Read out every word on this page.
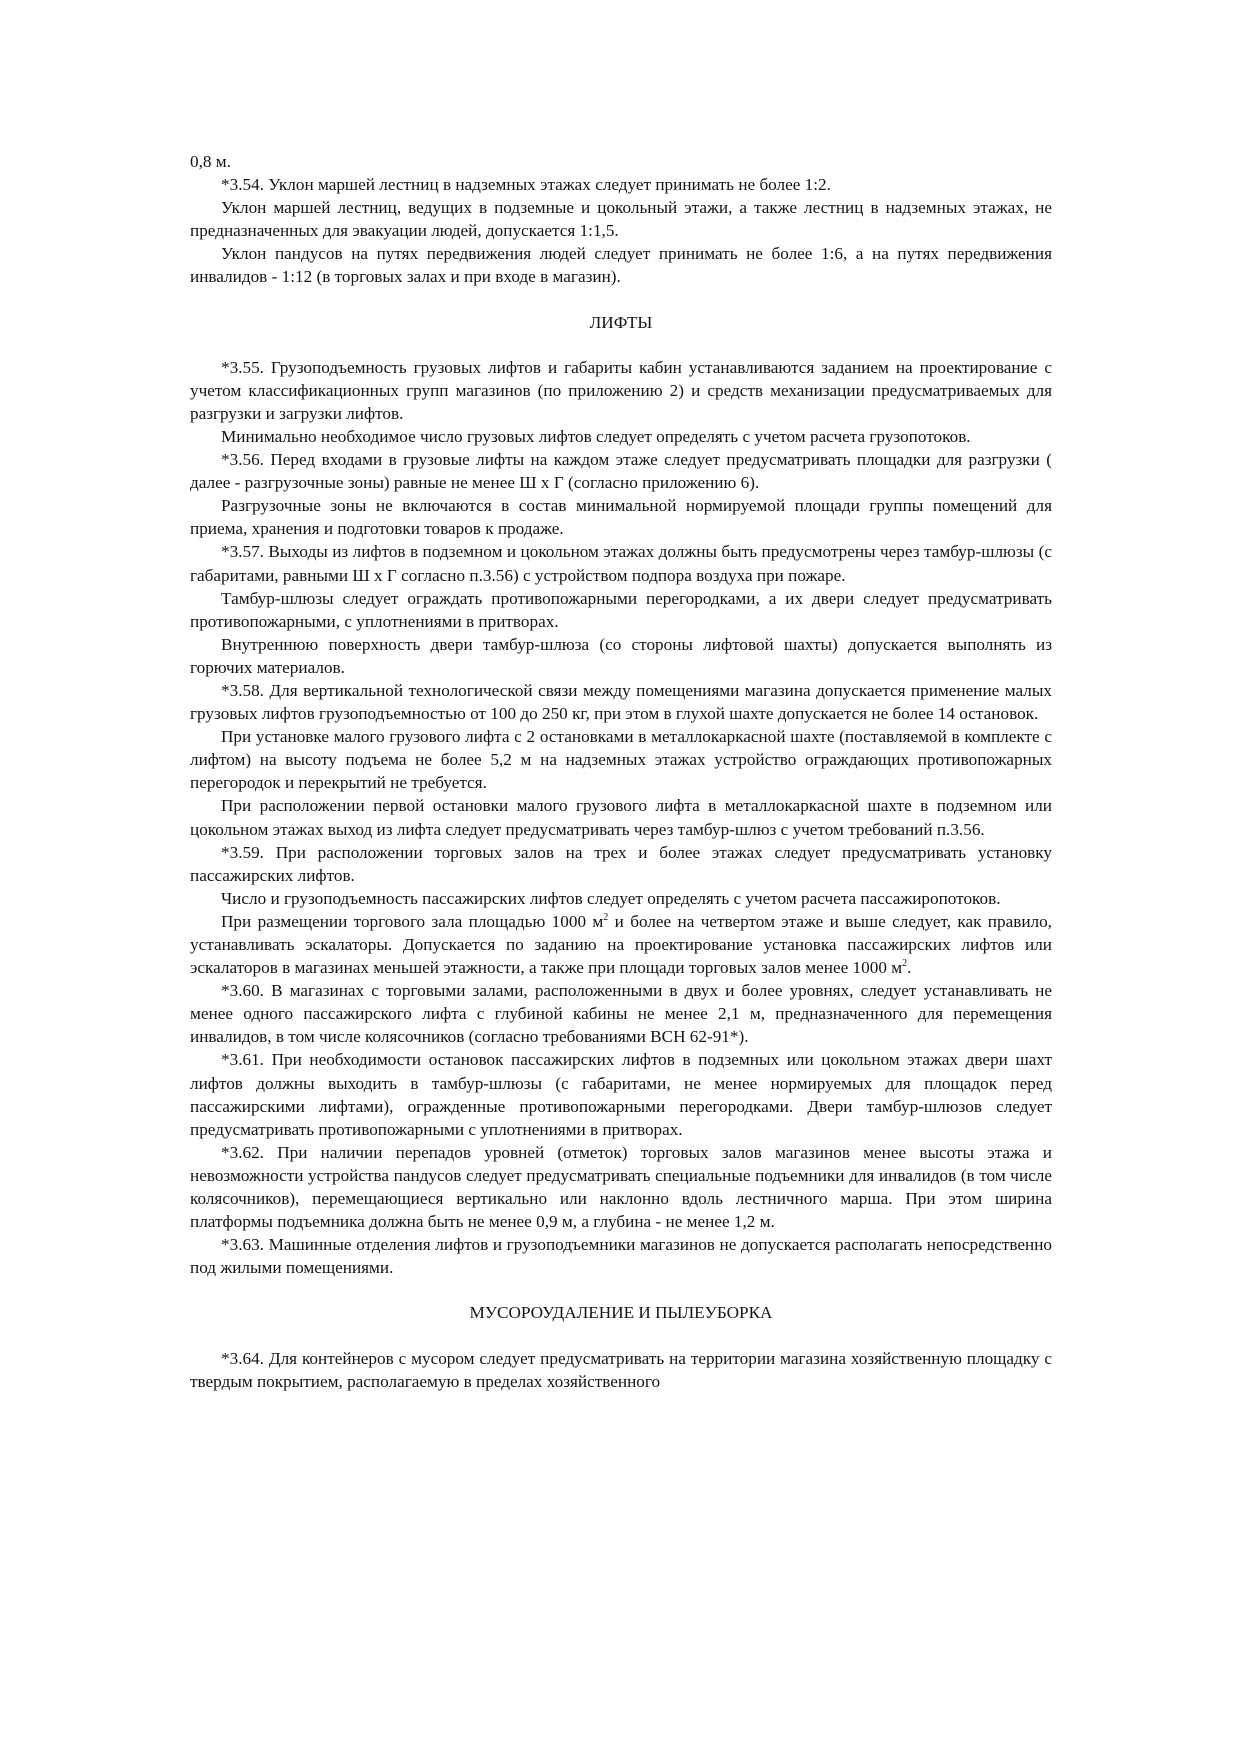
0,8 м.

*3.54. Уклон маршей лестниц в надземных этажах следует принимать не более 1:2.

Уклон маршей лестниц, ведущих в подземные и цокольный этажи, а также лестниц в надземных этажах, не предназначенных для эвакуации людей, допускается 1:1,5.

Уклон пандусов на путях передвижения людей следует принимать не более 1:6, а на путях передвижения инвалидов - 1:12 (в торговых залах и при входе в магазин).

ЛИФТЫ

*3.55. Грузоподъемность грузовых лифтов и габариты кабин устанавливаются заданием на проектирование с учетом классификационных групп магазинов (по приложению 2) и средств механизации предусматриваемых для разгрузки и загрузки лифтов.

Минимально необходимое число грузовых лифтов следует определять с учетом расчета грузопотоков.

*3.56. Перед входами в грузовые лифты на каждом этаже следует предусматривать площадки для разгрузки ( далее - разгрузочные зоны) равные не менее Ш х Г (согласно приложению 6).

Разгрузочные зоны не включаются в состав минимальной нормируемой площади группы помещений для приема, хранения и подготовки товаров к продаже.

*3.57. Выходы из лифтов в подземном и цокольном этажах должны быть предусмотрены через тамбур-шлюзы (с габаритами, равными Ш х Г согласно п.3.56) с устройством подпора воздуха при пожаре.

Тамбур-шлюзы следует ограждать противопожарными перегородками, а их двери следует предусматривать противопожарными, с уплотнениями в притворах.

Внутреннюю поверхность двери тамбур-шлюза (со стороны лифтовой шахты) допускается выполнять из горючих материалов.

*3.58. Для вертикальной технологической связи между помещениями магазина допускается применение малых грузовых лифтов грузоподъемностью от 100 до 250 кг, при этом в глухой шахте допускается не более 14 остановок.

При установке малого грузового лифта с 2 остановками в металлокаркасной шахте (поставляемой в комплекте с лифтом) на высоту подъема не более 5,2 м на надземных этажах устройство ограждающих противопожарных перегородок и перекрытий не требуется.

При расположении первой остановки малого грузового лифта в металлокаркасной шахте в подземном или цокольном этажах выход из лифта следует предусматривать через тамбур-шлюз с учетом требований п.3.56.

*3.59. При расположении торговых залов на трех и более этажах следует предусматривать установку пассажирских лифтов.

Число и грузоподъемность пассажирских лифтов следует определять с учетом расчета пассажиропотоков.

При размещении торгового зала площадью 1000 $м^2$ и более на четвертом этаже и выше следует, как правило, устанавливать эскалаторы. Допускается по заданию на проектирование установка пассажирских лифтов или эскалаторов в магазинах меньшей этажности, а также при площади торговых залов менее 1000 $м^2$.

*3.60. В магазинах с торговыми залами, расположенными в двух и более уровнях, следует устанавливать не менее одного пассажирского лифта с глубиной кабины не менее 2,1 м, предназначенного для перемещения инвалидов, в том числе колясочников (согласно требованиями ВСН 62-91*).

*3.61. При необходимости остановок пассажирских лифтов в подземных или цокольном этажах двери шахт лифтов должны выходить в тамбур-шлюзы (с габаритами, не менее нормируемых для площадок перед пассажирскими лифтами), огражденные противопожарными перегородками. Двери тамбур-шлюзов следует предусматривать противопожарными с уплотнениями в притворах.

*3.62. При наличии перепадов уровней (отметок) торговых залов магазинов менее высоты этажа и невозможности устройства пандусов следует предусматривать специальные подъемники для инвалидов (в том числе колясочников), перемещающиеся вертикально или наклонно вдоль лестничного марша. При этом ширина платформы подъемника должна быть не менее 0,9 м, а глубина - не менее 1,2 м.

*3.63. Машинные отделения лифтов и грузоподъемники магазинов не допускается располагать непосредственно под жилыми помещениями.

МУСОРОУДАЛЕНИЕ И ПЫЛЕУБОРКА

*3.64. Для контейнеров с мусором следует предусматривать на территории магазина хозяйственную площадку с твердым покрытием, располагаемую в пределах хозяйственного
